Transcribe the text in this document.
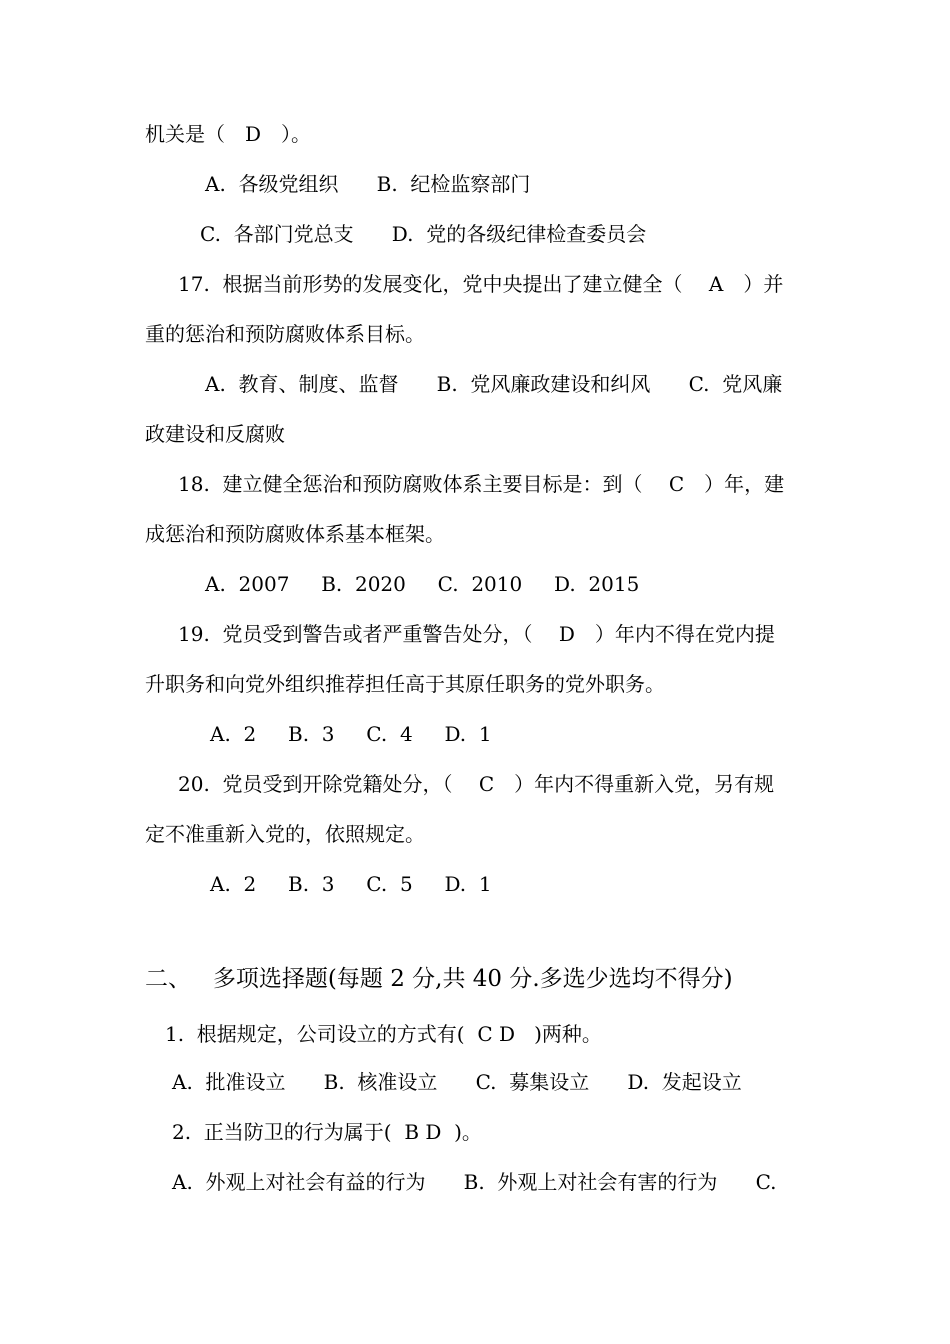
机关是（　D　）。
A.  各级党组织      B.  纪检监察部门
C.  各部门党总支      D.  党的各级纪律检查委员会
17.  根据当前形势的发展变化，党中央提出了建立健全（　 A　）并
重的惩治和预防腐败体系目标。
A.  教育、制度、监督      B.  党风廉政建设和纠风      C.  党风廉
政建设和反腐败
18.  建立健全惩治和预防腐败体系主要目标是：到（　 C　）年，建
成惩治和预防腐败体系基本框架。
A.  2007     B.  2020     C.  2010     D.  2015
19.  党员受到警告或者严重警告处分，（　 D　）年内不得在党内提
升职务和向党外组织推荐担任高于其原任职务的党外职务。
A.  2     B.  3     C.  4     D.  1
20.  党员受到开除党籍处分，（　 C　）年内不得重新入党，另有规
定不准重新入党的，依照规定。
A.  2     B.  3     C.  5     D.  1
二、   多项选择题(每题 2 分,共 40 分.多选少选均不得分)
1.  根据规定，公司设立的方式有(  C D   )两种。
A.  批准设立      B.  核准设立      C.  募集设立      D.  发起设立
2.  正当防卫的行为属于(  B D  )。
A.  外观上对社会有益的行为      B.  外观上对社会有害的行为      C.
